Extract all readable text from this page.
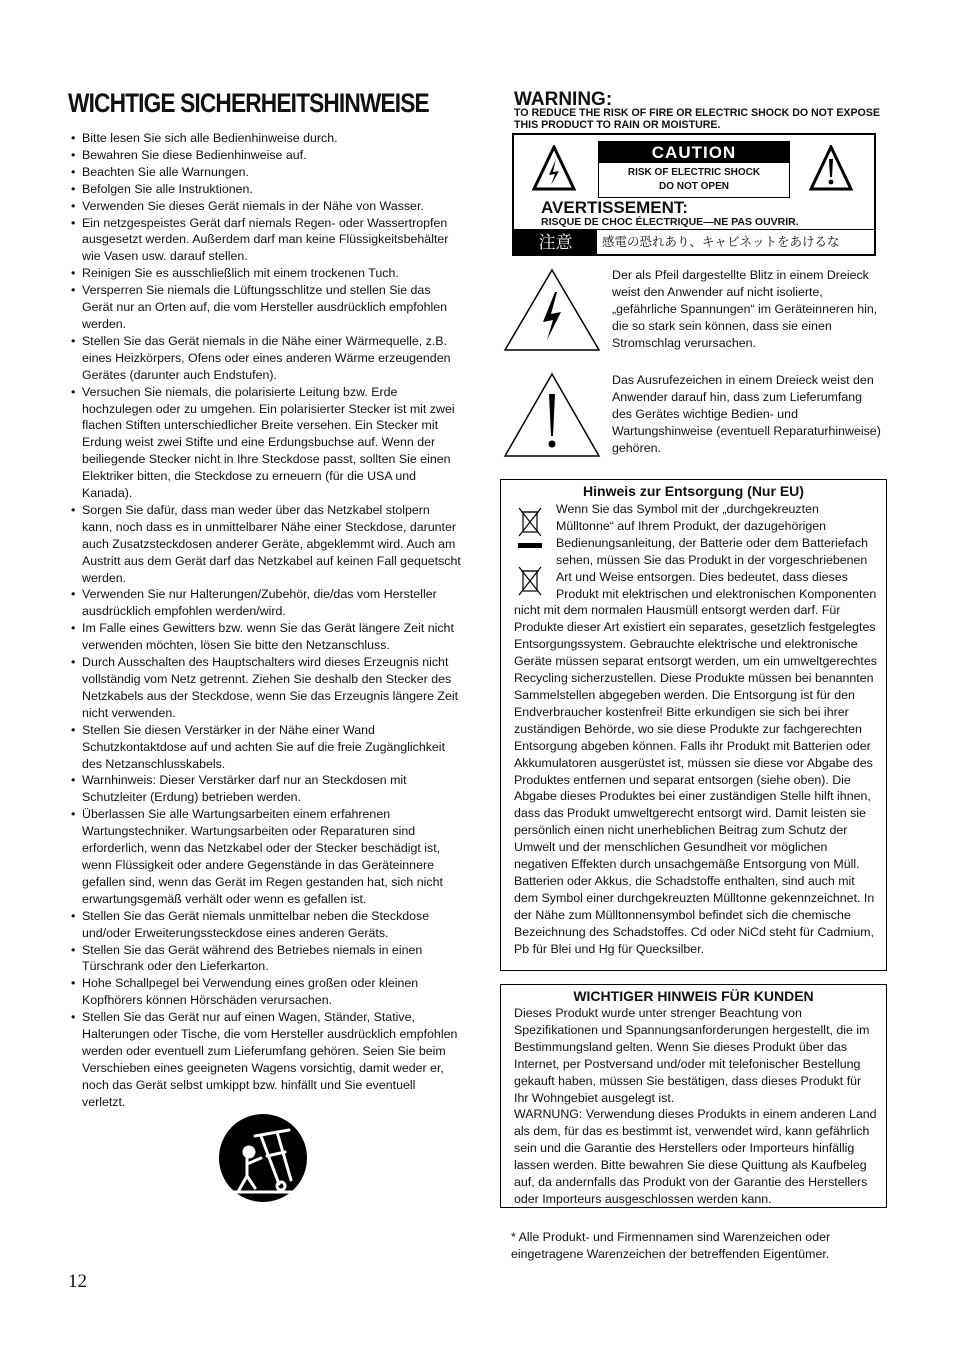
WICHTIGE SICHERHEITSHINWEISE
• Bitte lesen Sie sich alle Bedienhinweise durch.
• Bewahren Sie diese Bedienhinweise auf.
• Beachten Sie alle Warnungen.
• Befolgen Sie alle Instruktionen.
• Verwenden Sie dieses Gerät niemals in der Nähe von Wasser.
• Ein netzgespeistes Gerät darf niemals Regen- oder Wassertropfen ausgesetzt werden. Außerdem darf man keine Flüssigkeitsbehälter wie Vasen usw. darauf stellen.
• Reinigen Sie es ausschließlich mit einem trockenen Tuch.
• Versperren Sie niemals die Lüftungsschlitze und stellen Sie das Gerät nur an Orten auf, die vom Hersteller ausdrücklich empfohlen werden.
• Stellen Sie das Gerät niemals in die Nähe einer Wärmequelle, z.B. eines Heizkörpers, Ofens oder eines anderen Wärme erzeugenden Gerätes (darunter auch Endstufen).
• Versuchen Sie niemals, die polarisierte Leitung bzw. Erde hochzulegen oder zu umgehen. Ein polarisierter Stecker ist mit zwei flachen Stiften unterschiedlicher Breite versehen. Ein Stecker mit Erdung weist zwei Stifte und eine Erdungsbuchse auf. Wenn der beiliegende Stecker nicht in Ihre Steckdose passt, sollten Sie einen Elektriker bitten, die Steckdose zu erneuern (für die USA und Kanada).
• Sorgen Sie dafür, dass man weder über das Netzkabel stolpern kann, noch dass es in unmittelbarer Nähe einer Steckdose, darunter auch Zusatzsteckdosen anderer Geräte, abgeklemmt wird. Auch am Austritt aus dem Gerät darf das Netzkabel auf keinen Fall gequetscht werden.
• Verwenden Sie nur Halterungen/Zubehör, die/das vom Hersteller ausdrücklich empfohlen werden/wird.
• Im Falle eines Gewitters bzw. wenn Sie das Gerät längere Zeit nicht verwenden möchten, lösen Sie bitte den Netzanschluss.
• Durch Ausschalten des Hauptschalters wird dieses Erzeugnis nicht vollständig vom Netz getrennt. Ziehen Sie deshalb den Stecker des Netzkabels aus der Steckdose, wenn Sie das Erzeugnis längere Zeit nicht verwenden.
• Stellen Sie diesen Verstärker in der Nähe einer Wand Schutzkontaktdose auf und achten Sie auf die freie Zugänglichkeit des Netzanschlusskabels.
• Warnhinweis: Dieser Verstärker darf nur an Steckdosen mit Schutzleiter (Erdung) betrieben werden.
• Überlassen Sie alle Wartungsarbeiten einem erfahrenen Wartungstechniker. Wartungsarbeiten oder Reparaturen sind erforderlich, wenn das Netzkabel oder der Stecker beschädigt ist, wenn Flüssigkeit oder andere Gegenstände in das Geräteinnere gefallen sind, wenn das Gerät im Regen gestanden hat, sich nicht erwartungsgemäß verhält oder wenn es gefallen ist.
• Stellen Sie das Gerät niemals unmittelbar neben die Steckdose und/oder Erweiterungssteckdose eines anderen Geräts.
• Stellen Sie das Gerät während des Betriebes niemals in einen Türschrank oder den Lieferkarton.
• Hohe Schallpegel bei Verwendung eines großen oder kleinen Kopfhörers können Hörschäden verursachen.
• Stellen Sie das Gerät nur auf einen Wagen, Ständer, Stative, Halterungen oder Tische, die vom Hersteller ausdrücklich empfohlen werden oder eventuell zum Lieferumfang gehören. Seien Sie beim Verschieben eines geeigneten Wagens vorsichtig, damit weder er, noch das Gerät selbst umkippt bzw. hinfällt und Sie eventuell verletzt.
WARNING:
TO REDUCE THE RISK OF FIRE OR ELECTRIC SHOCK DO NOT EXPOSE THIS PRODUCT TO RAIN OR MOISTURE.
CAUTION
RISK OF ELECTRIC SHOCK
DO NOT OPEN
AVERTISSEMENT:
RISQUE DE CHOC ÉLECTRIQUE—NE PAS OUVRIR.
注意	感電の恐れあり、キャビネットをあけるな
Der als Pfeil dargestellte Blitz in einem Dreieck weist den Anwender auf nicht isolierte, „gefährliche Spannungen“ im Geräteinneren hin, die so stark sein können, dass sie einen Stromschlag verursachen.
Das Ausrufezeichen in einem Dreieck weist den Anwender darauf hin, dass zum Lieferumfang des Gerätes wichtige Bedien- und Wartungshinweise (eventuell Reparaturhinweise) gehören.
Hinweis zur Entsorgung (Nur EU)
Wenn Sie das Symbol mit der „durchgekreuzten Mülltonne“ auf Ihrem Produkt, der dazugehörigen Bedienungsanleitung, der Batterie oder dem Batteriefach sehen, müssen Sie das Produkt in der vorgeschriebenen Art und Weise entsorgen. Dies bedeutet, dass dieses Produkt mit elektrischen und elektronischen Komponenten nicht mit dem normalen Hausmüll entsorgt werden darf. Für Produkte dieser Art existiert ein separates, gesetzlich festgelegtes Entsorgungssystem. Gebrauchte elektrische und elektronische Geräte müssen separat entsorgt werden, um ein umweltgerechtes Recycling sicherzustellen. Diese Produkte müssen bei benannten Sammelstellen abgegeben werden. Die Entsorgung ist für den Endverbraucher kostenfrei! Bitte erkundigen sie sich bei ihrer zuständigen Behörde, wo sie diese Produkte zur fachgerechten Entsorgung abgeben können. Falls ihr Produkt mit Batterien oder Akkumulatoren ausgerüstet ist, müssen sie diese vor Abgabe des Produktes entfernen und separat entsorgen (siehe oben). Die Abgabe dieses Produktes bei einer zuständigen Stelle hilft ihnen, dass das Produkt umweltgerecht entsorgt wird. Damit leisten sie persönlich einen nicht unerheblichen Beitrag zum Schutz der Umwelt und der menschlichen Gesundheit vor möglichen negativen Effekten durch unsachgemäße Entsorgung von Müll. Batterien oder Akkus, die Schadstoffe enthalten, sind auch mit dem Symbol einer durchgekreuzten Mülltonne gekennzeichnet. In der Nähe zum Mülltonnensymbol befindet sich die chemische Bezeichnung des Schadstoffes. Cd oder NiCd steht für Cadmium, Pb für Blei und Hg für Quecksilber.
WICHTIGER HINWEIS FÜR KUNDEN

Dieses Produkt wurde unter strenger Beachtung von Spezifikationen und Spannungsanforderungen hergestellt, die im Bestimmungsland gelten. Wenn Sie dieses Produkt über das Internet, per Postversand und/oder mit telefonischer Bestellung gekauft haben, müssen Sie bestätigen, dass dieses Produkt für Ihr Wohngebiet ausgelegt ist.

WARNUNG: Verwendung dieses Produkts in einem anderen Land als dem, für das es bestimmt ist, verwendet wird, kann gefährlich sein und die Garantie des Herstellers oder Importeurs hinfällig lassen werden. Bitte bewahren Sie diese Quittung als Kaufbeleg auf, da andernfalls das Produkt von der Garantie des Herstellers oder Importeurs ausgeschlossen werden kann.

* Alle Produkt- und Firmennamen sind Warenzeichen oder eingetragene Warenzeichen der betreffenden Eigentümer.
12
